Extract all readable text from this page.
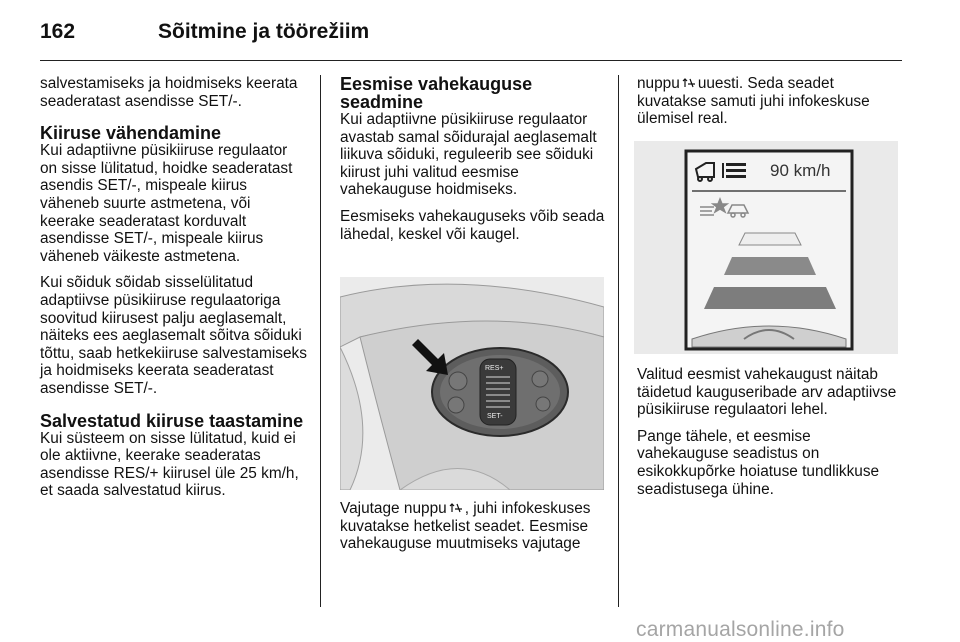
162	Sõitmine ja töörežiim

salvestamiseks ja hoidmiseks keerata seaderatast asendisse SET/-.

Kiiruse vähendamine

Kui adaptiivne püsikiiruse regulaator on sisse lülitatud, hoidke seaderatast asendis SET/-, mispeale kiirus väheneb suurte astmetena, või keerake seaderatast korduvalt asendisse SET/-, mispeale kiirus väheneb väikeste astmetena.

Kui sõiduk sõidab sisselülitatud adaptiivse püsikiiruse regulaatoriga soovitud kiirusest palju aeglasemalt, näiteks ees aeglasemalt sõitva sõiduki tõttu, saab hetkekiiruse salvestamiseks ja hoidmiseks keerata seaderatast asendisse SET/-.

Salvestatud kiiruse taastamine

Kui süsteem on sisse lülitatud, kuid ei ole aktiivne, keerake seaderatas asendisse RES/+ kiirusel üle 25 km/h, et saada salvestatud kiirus.

Eesmise vahekauguse seadmine

Kui adaptiivne püsikiiruse regulaator avastab samal sõidurajal aeglasemalt liikuva sõiduki, reguleerib see sõiduki kiirust juhi valitud eesmise vahekauguse hoidmiseks.

Eesmiseks vahekauguseks võib seada lähedal, keskel või kaugel.

RES+
SET-

Vajutage nuppu , juhi infokeskuses kuvatakse hetkelist seadet. Eesmise vahekauguse muutmiseks vajutage

nuppu uuesti. Seda seadet kuvatakse samuti juhi infokeskuse ülemisel real.

90 km/h

Valitud eesmist vahekaugust näitab täidetud kauguseribade arv adaptiivse püsikiiruse regulaatori lehel.

Pange tähele, et eesmise vahekauguse seadistus on esikokkupõrke hoiatuse tundlikkuse seadistusega ühine.

carmanualsonline.info
